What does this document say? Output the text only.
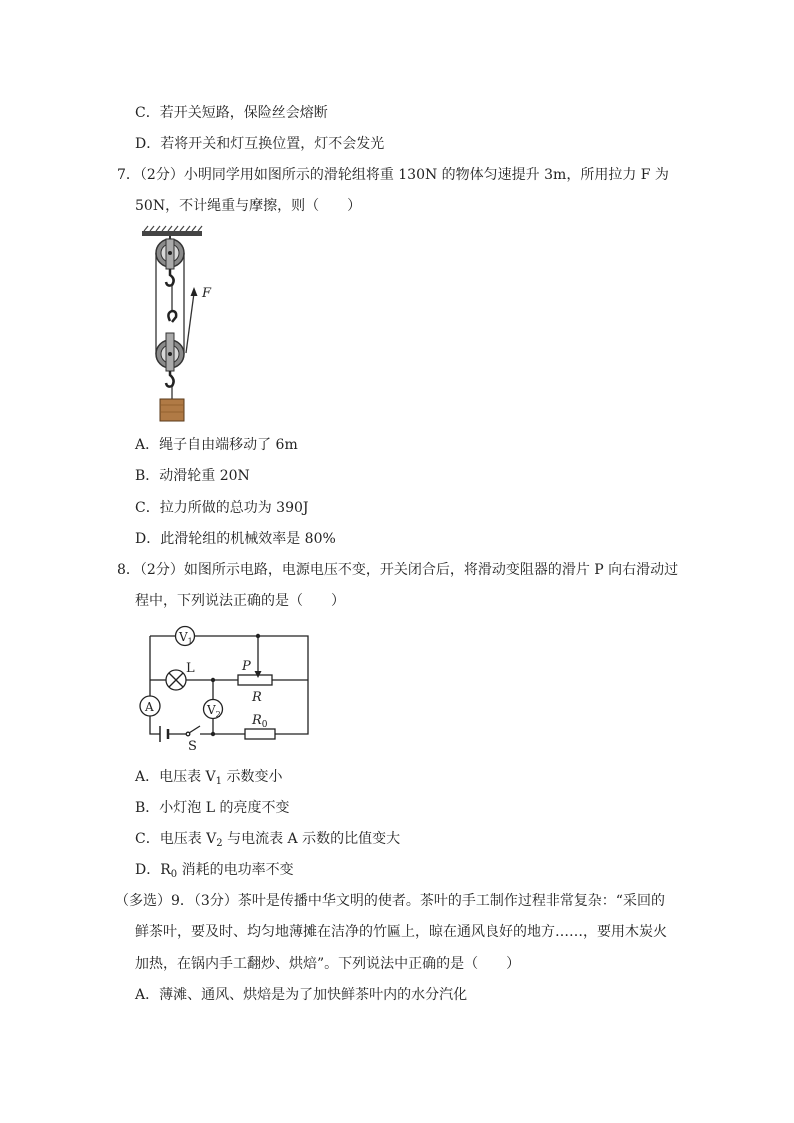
C．若开关短路，保险丝会熔断
D．若将开关和灯互换位置，灯不会发光
7．（2分）小明同学用如图所示的滑轮组将重 130N 的物体匀速提升 3m，所用拉力 F 为
50N，不计绳重与摩擦，则（　　）
F
A．绳子自由端移动了 6m
B．动滑轮重 20N
C．拉力所做的总功为 390J
D．此滑轮组的机械效率是 80%
8．（2分）如图所示电路，电源电压不变，开关闭合后，将滑动变阻器的滑片 P 向右滑动过
程中，下列说法正确的是（　　）
$V_1$
L	P
R
A	$V_2$
S
$R_0$
A．电压表 $V_1$ 示数变小
B．小灯泡 L 的亮度不变
C．电压表 $V_2$ 与电流表 A 示数的比值变大
D．$R_0$ 消耗的电功率不变
（多选）9．（3分）茶叶是传播中华文明的使者。茶叶的手工制作过程非常复杂：“采回的
鲜茶叶，要及时、均匀地薄摊在洁净的竹匾上，晾在通风良好的地方……，要用木炭火
加热，在锅内手工翻炒、烘焙”。下列说法中正确的是（　　）
A．薄滩、通风、烘焙是为了加快鲜茶叶内的水分汽化
